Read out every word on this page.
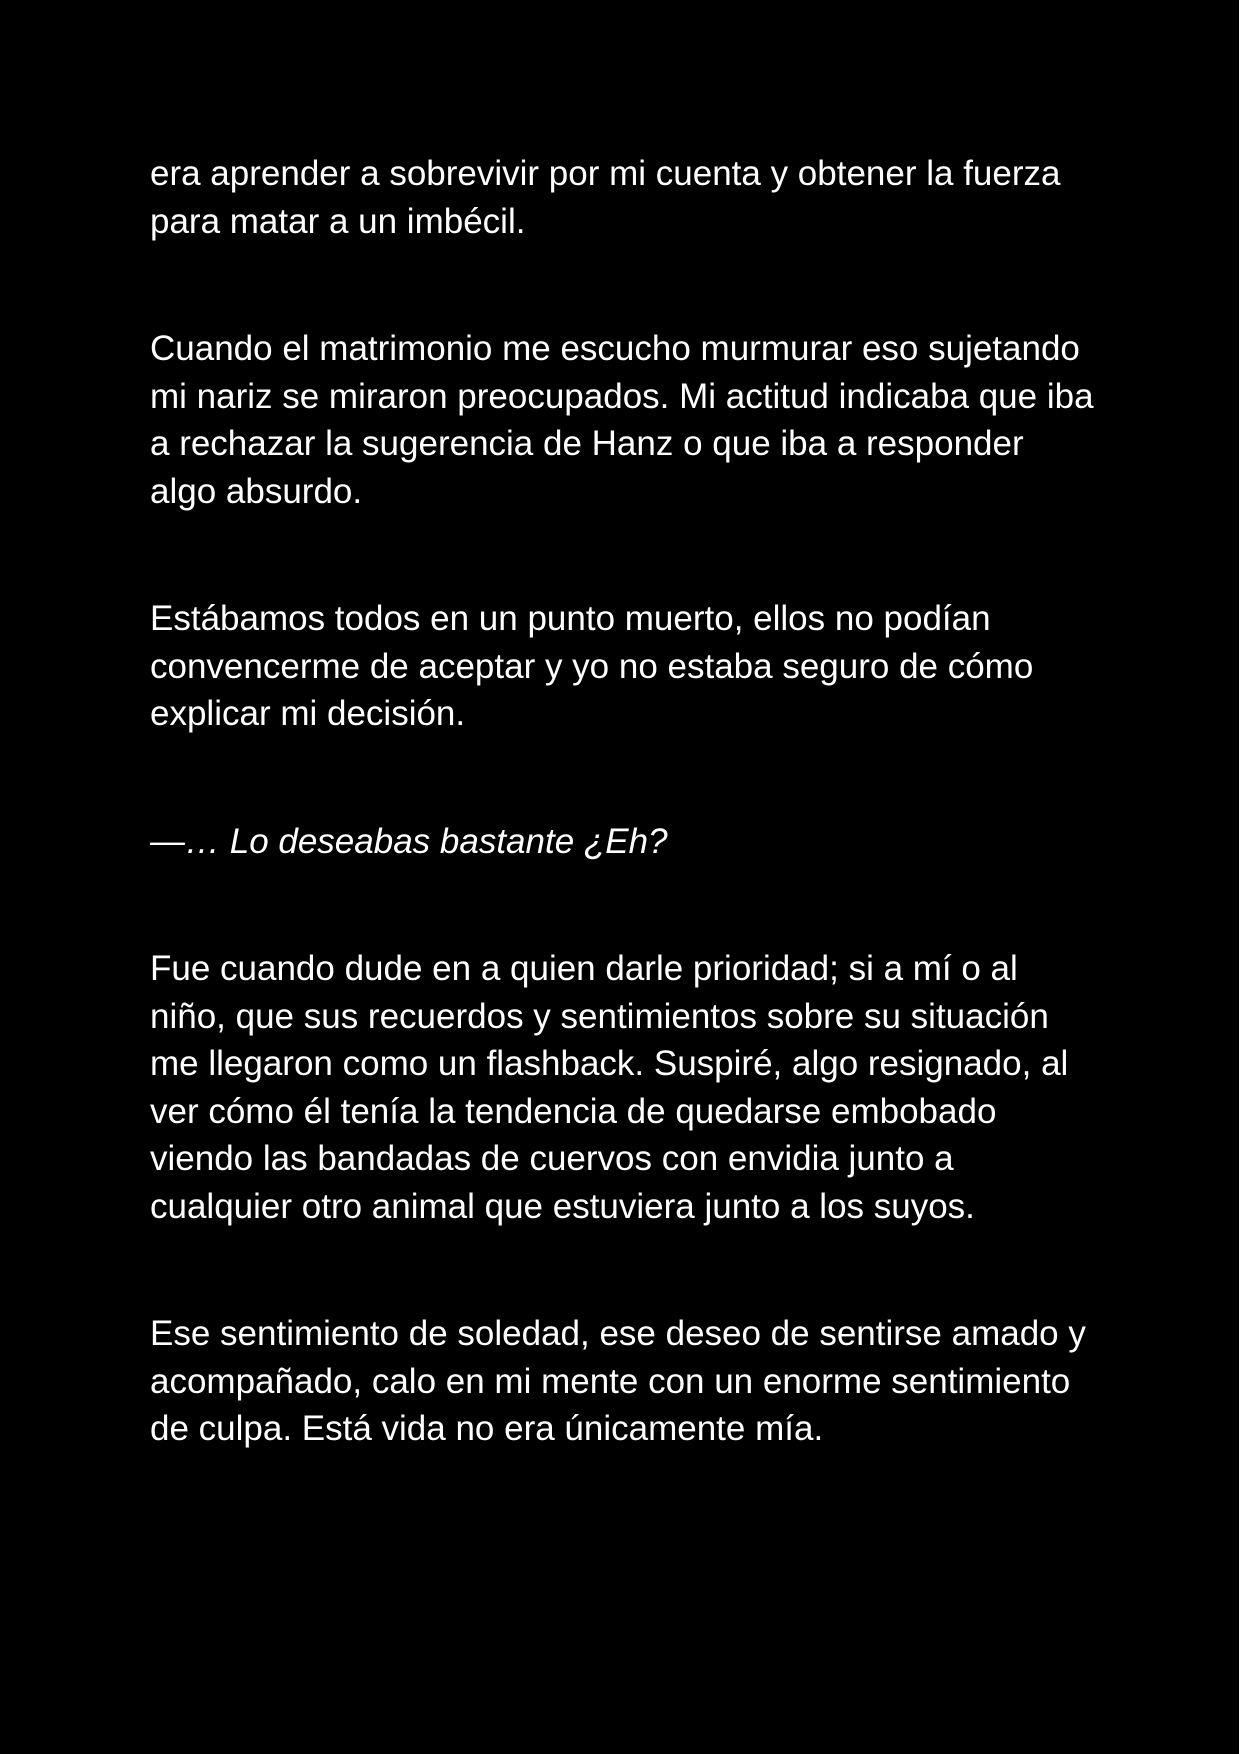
era aprender a sobrevivir por mi cuenta y obtener la fuerza para matar a un imbécil.

Cuando el matrimonio me escucho murmurar eso sujetando mi nariz se miraron preocupados. Mi actitud indicaba que iba a rechazar la sugerencia de Hanz o que iba a responder algo absurdo.

Estábamos todos en un punto muerto, ellos no podían convencerme de aceptar y yo no estaba seguro de cómo explicar mi decisión.

—… Lo deseabas bastante ¿Eh?

Fue cuando dude en a quien darle prioridad; si a mí o al niño, que sus recuerdos y sentimientos sobre su situación me llegaron como un flashback. Suspiré, algo resignado, al ver cómo él tenía la tendencia de quedarse embobado viendo las bandadas de cuervos con envidia junto a cualquier otro animal que estuviera junto a los suyos.

Ese sentimiento de soledad, ese deseo de sentirse amado y acompañado, calo en mi mente con un enorme sentimiento de culpa. Está vida no era únicamente mía.
